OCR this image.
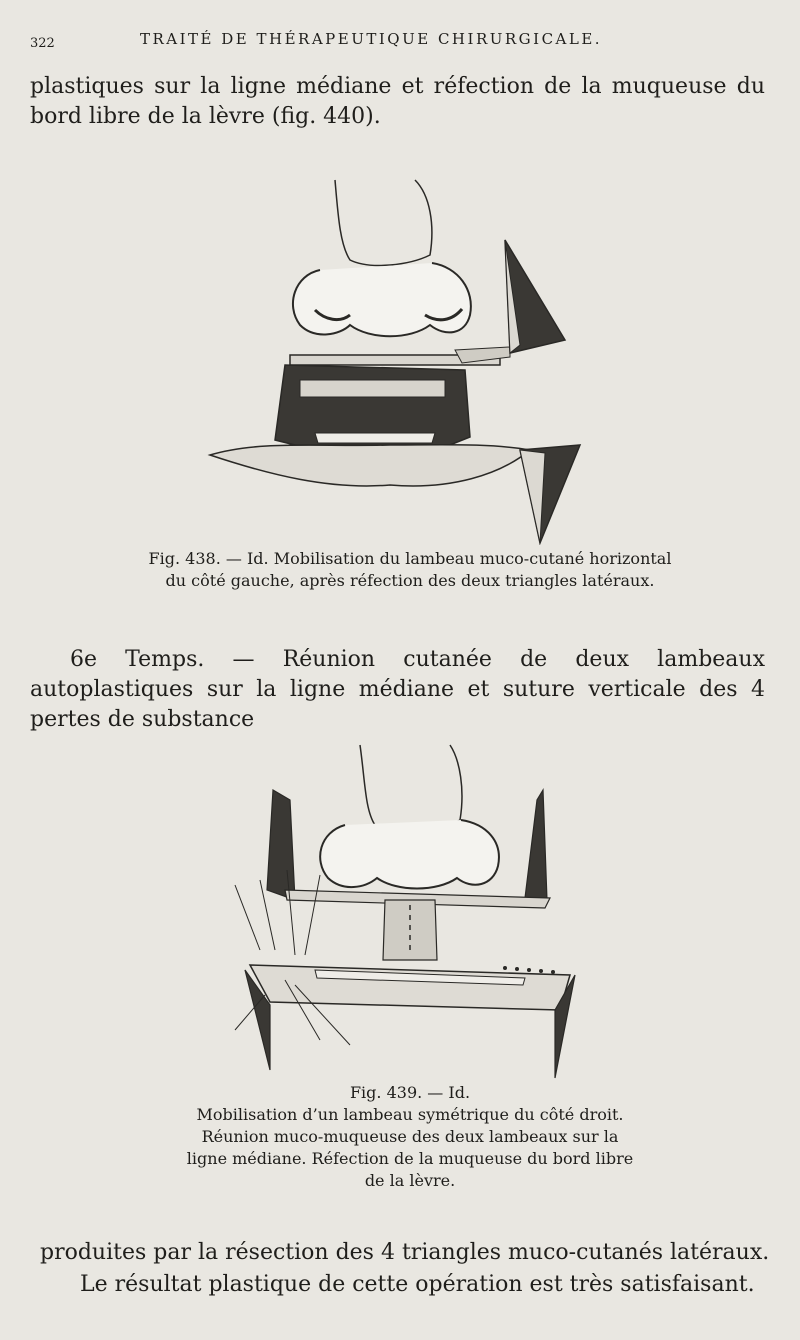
322	TRAITÉ DE THÉRAPEUTIQUE CHIRURGICALE.
plastiques sur la ligne médiane et réfection de la muqueuse du bord libre de la lèvre (fig. 440).
Fig. 438. — Id. Mobilisation du lambeau muco-cutané horizontal
du côté gauche, après réfection des deux triangles latéraux.
6e Temps. — Réunion cutanée de deux lambeaux autoplastiques sur la ligne médiane et suture verticale des 4 pertes de substance
Fig. 439. — Id.
Mobilisation d’un lambeau symétrique du côté droit.
Réunion muco-muqueuse des deux lambeaux sur la
ligne médiane. Réfection de la muqueuse du bord libre
de la lèvre.
produites par la résection des 4 triangles muco-cutanés latéraux.
Le résultat plastique de cette opération est très satisfaisant.
